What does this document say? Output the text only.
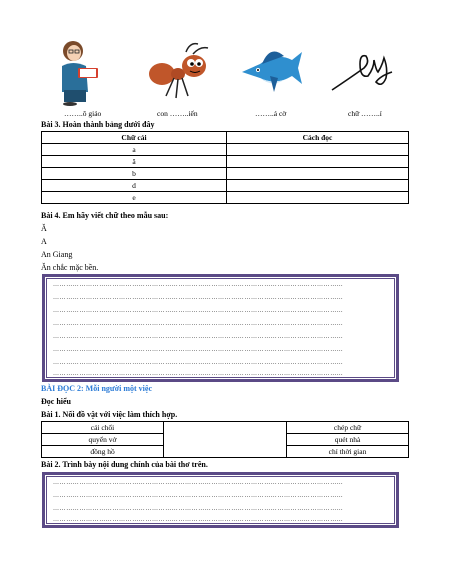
……..ô giáo	con ……..iến	……..á cờ	chữ ……..í
Bài 3. Hoàn thành bảng dưới đây
Chữ cái	Cách đọc
a	
ă	
b	
d	
e	
Bài 4. Em hãy viết chữ theo mẫu sau:
Ă
A
An Giang
Ăn chắc mặc bền.
……………………………………………………………………………………………………………………
……………………………………………………………………………………………………………………
……………………………………………………………………………………………………………………
……………………………………………………………………………………………………………………
……………………………………………………………………………………………………………………
……………………………………………………………………………………………………………………
……………………………………………………………………………………………………………………
……………………………………………………………………………………………………………………
BÀI ĐỌC 2: Mỗi người một việc
Đọc hiểu
Bài 1. Nối đồ vật với việc làm thích hợp.
cái chổi		chép chữ
quyển vở		quét nhà
đồng hồ		chỉ thời gian
Bài 2. Trình bày nội dung chính của bài thơ trên.
……………………………………………………………………………………………………………………
……………………………………………………………………………………………………………………
……………………………………………………………………………………………………………………
……………………………………………………………………………………………………………………
